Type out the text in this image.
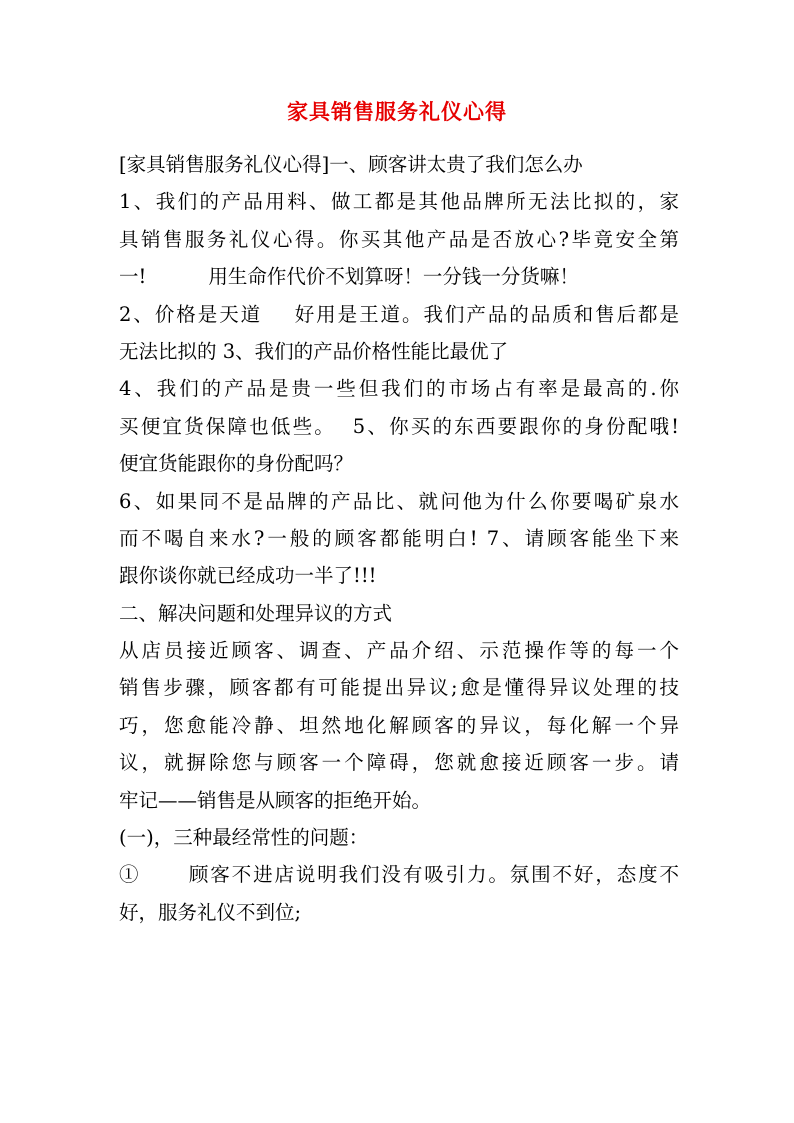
家具销售服务礼仪心得
[家具销售服务礼仪心得]一、顾客讲太贵了我们怎么办
1、我们的产品用料、做工都是其他品牌所无法比拟的，家
具销售服务礼仪心得。你买其他产品是否放心?毕竟安全第
一!          用生命作代价不划算呀！一分钱一分货嘛！
2、价格是天道    好用是王道。我们产品的品质和售后都是
无法比拟的 3、我们的产品价格性能比最优了
4、我们的产品是贵一些但我们的市场占有率是最高的.你
买便宜货保障也低些。  5、你买的东西要跟你的身份配哦!
便宜货能跟你的身份配吗？
6、如果同不是品牌的产品比、就问他为什么你要喝矿泉水
而不喝自来水?一般的顾客都能明白! 7、请顾客能坐下来
跟你谈你就已经成功一半了!!!
二、解决问题和处理异议的方式
从店员接近顾客、调查、产品介绍、示范操作等的每一个
销售步骤，顾客都有可能提出异议;愈是懂得异议处理的技
巧，您愈能冷静、坦然地化解顾客的异议，每化解一个异
议，就摒除您与顾客一个障碍，您就愈接近顾客一步。请
牢记——销售是从顾客的拒绝开始。
(一)，三种最经常性的问题：
①      顾客不进店说明我们没有吸引力。氛围不好，态度不
好，服务礼仪不到位;
